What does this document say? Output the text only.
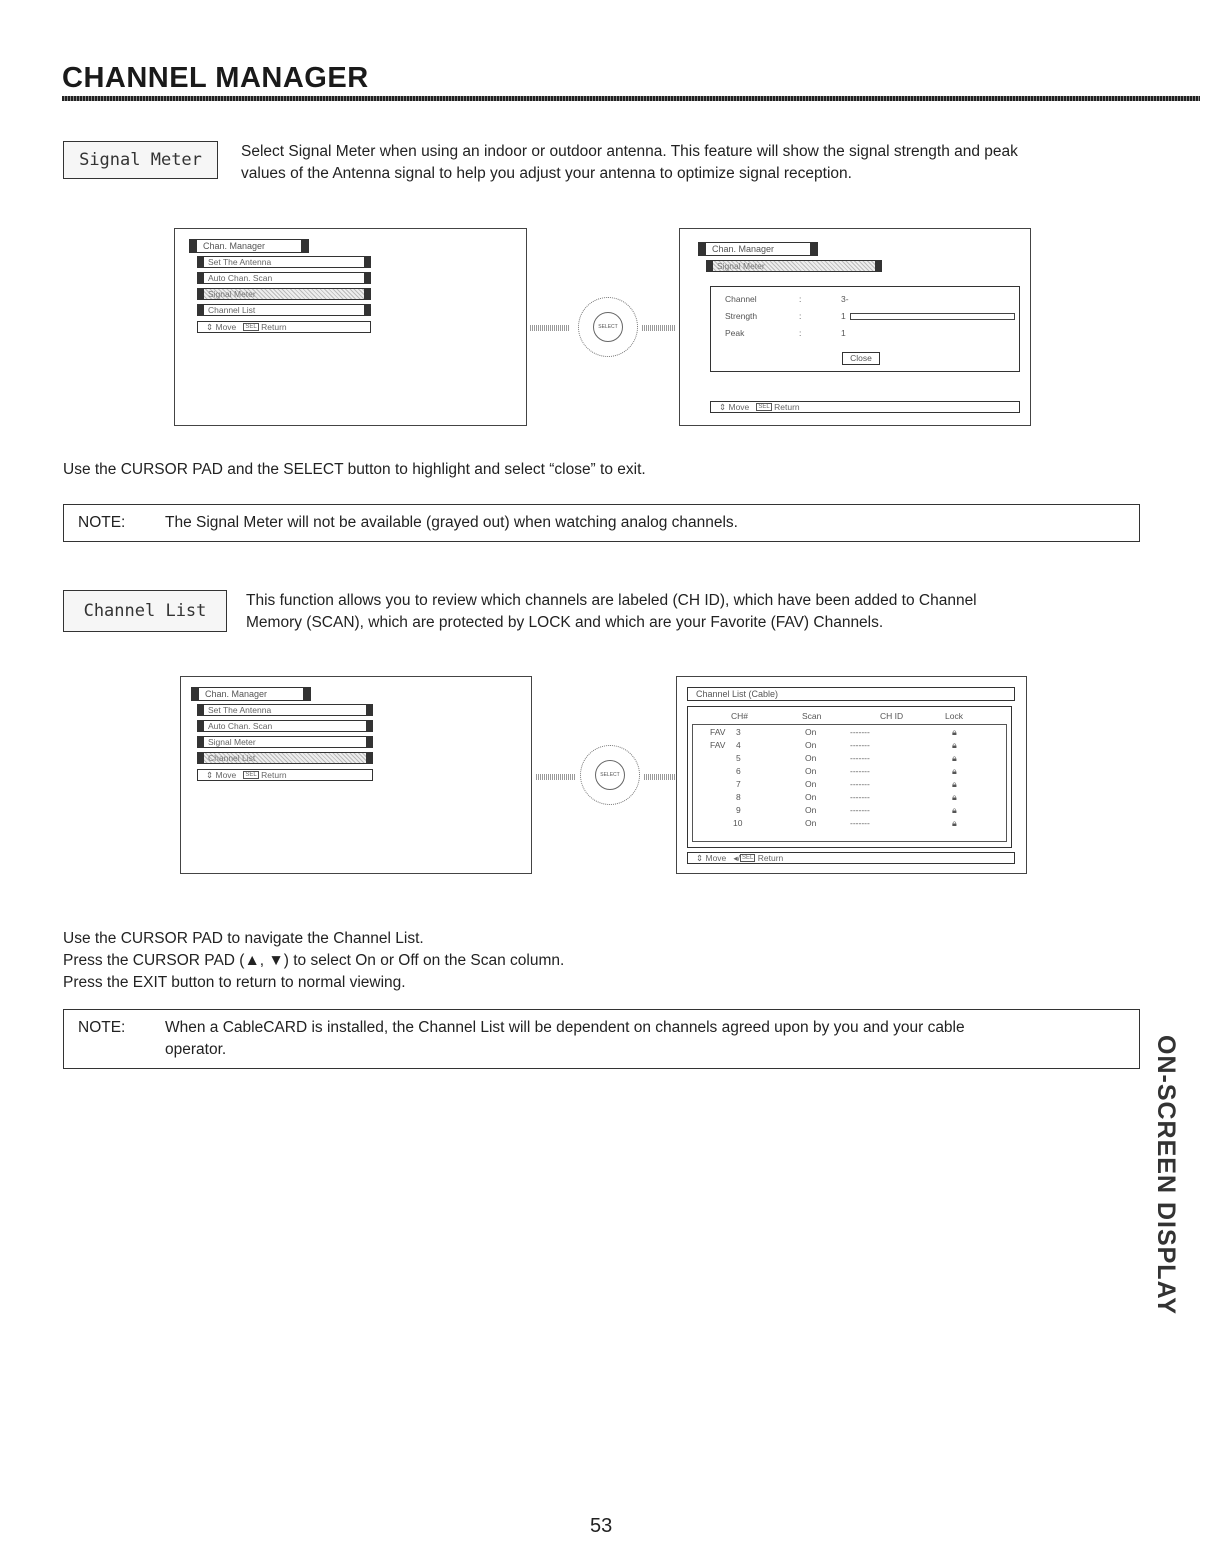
CHANNEL MANAGER
Signal Meter	Select Signal Meter when using an indoor or outdoor antenna. This feature will show the signal strength and peak
values of the Antenna signal to help you adjust your antenna to optimize signal reception.
Chan. Manager
Set The Antenna
Auto Chan. Scan
Signal Meter
Channel List
⇕
Move
	SEL
Return	SELECT
Chan. Manager
Signal Meter
Channel	:	3-
Strength	:	1
Peak	:	1
Close
⇕
Move
	SEL
Return
Use the CURSOR PAD and the SELECT button to highlight and select “close” to exit.
NOTE:	The Signal Meter will not be available (grayed out) when watching analog channels.
Channel List
This function allows you to review which channels are labeled (CH ID), which have been added to Channel
Memory (SCAN), which are protected by LOCK and which are your Favorite (FAV) Channels.
Chan. Manager
Set The Antenna
Auto Chan. Scan
Signal Meter
Channel List
⇕
Move
	SEL
Return	SELECT
Channel List (Cable)
CH#	Scan	CH ID	Lock
FAV 3	On	-------	🔒︎
FAV 4	On	-------	🔒︎
5	On	-------	🔒︎
6	On	-------	🔒︎
7	On	-------	🔒︎
8	On	-------	🔒︎
9	On	-------	🔒︎
10	On	-------	🔒︎
⇕
Move
◂/ SEL
Return
Use the CURSOR PAD to navigate the Channel List.
Press the CURSOR PAD (▲, ▼) to select On or Off on the Scan column.
Press the EXIT button to return to normal viewing.
NOTE:	When a CableCARD is installed, the Channel List will be dependent on channels agreed upon by you and your cable
operator.	ON-SCREEN DISPLAY
53
